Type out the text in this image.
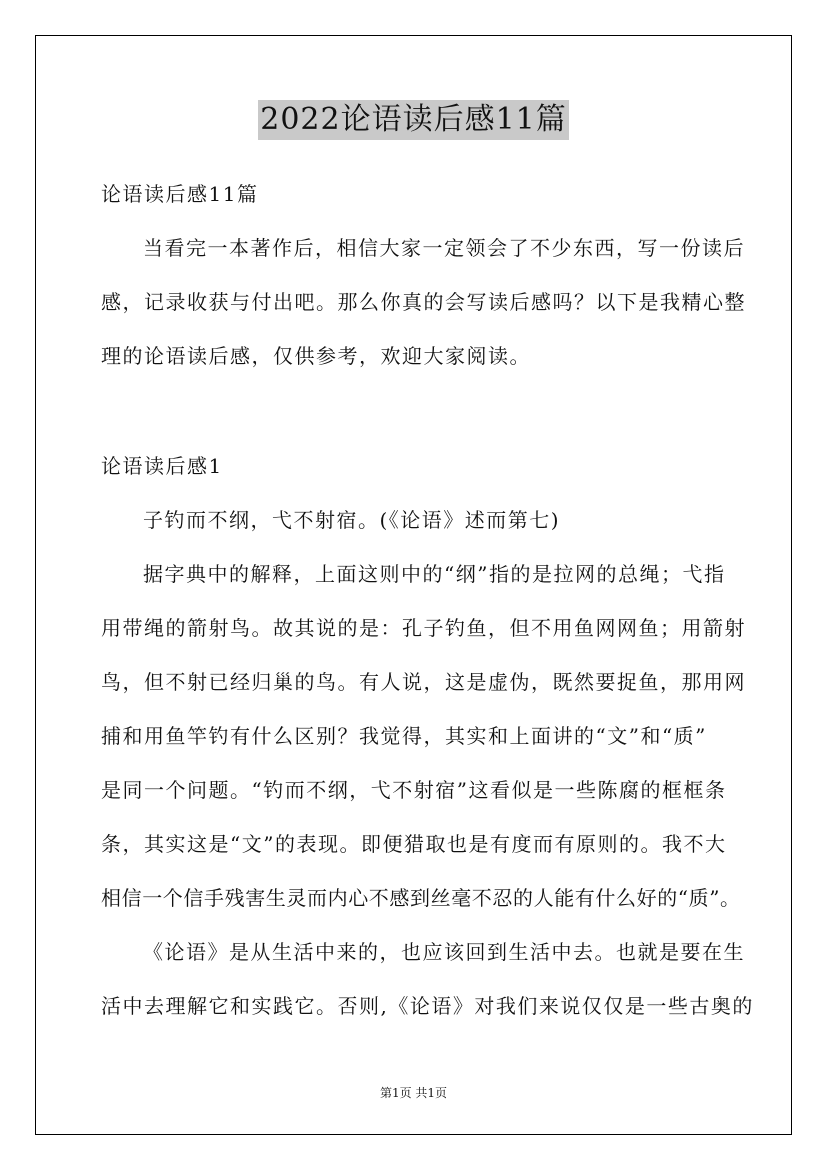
2022论语读后感11篇
论语读后感11篇
当看完一本著作后，相信大家一定领会了不少东西，写一份读后
感，记录收获与付出吧。那么你真的会写读后感吗？以下是我精心整
理的论语读后感，仅供参考，欢迎大家阅读。
论语读后感1
子钓而不纲，弋不射宿。(《论语》述而第七)
据字典中的解释，上面这则中的“纲”指的是拉网的总绳；弋指
用带绳的箭射鸟。故其说的是：孔子钓鱼，但不用鱼网网鱼；用箭射
鸟，但不射已经归巢的鸟。有人说，这是虚伪，既然要捉鱼，那用网
捕和用鱼竿钓有什么区别？我觉得，其实和上面讲的“文”和“质”
是同一个问题。“钓而不纲，弋不射宿”这看似是一些陈腐的框框条
条，其实这是“文”的表现。即便猎取也是有度而有原则的。我不大
相信一个信手残害生灵而内心不感到丝毫不忍的人能有什么好的“质”。
《论语》是从生活中来的，也应该回到生活中去。也就是要在生
活中去理解它和实践它。否则,《论语》对我们来说仅仅是一些古奥的
第1页 共1页
